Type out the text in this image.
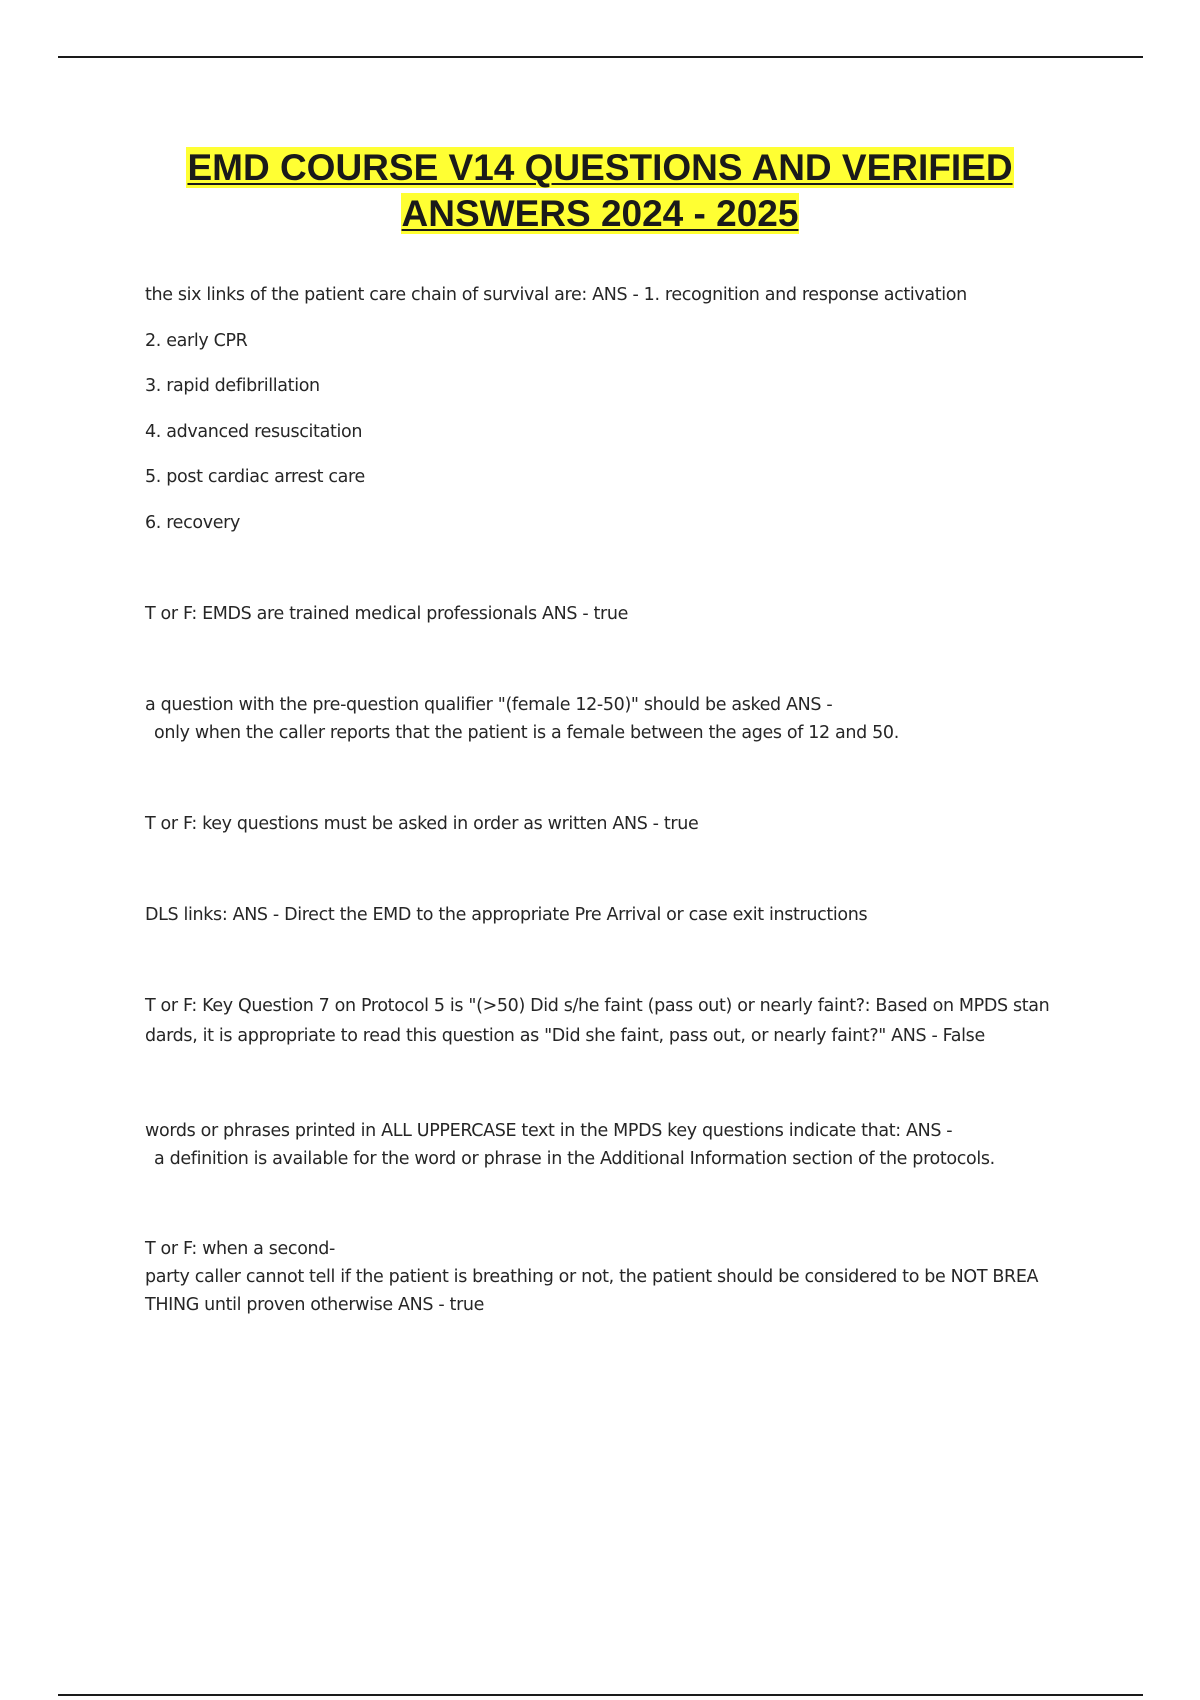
EMD COURSE V14 QUESTIONS AND VERIFIED
ANSWERS 2024 - 2025
the six links of the patient care chain of survival are: ANS - 1. recognition and response activation
2. early CPR
3. rapid defibrillation
4. advanced resuscitation
5. post cardiac arrest care
6. recovery
T or F: EMDS are trained medical professionals ANS - true
a question with the pre-question qualifier "(female 12-50)" should be asked ANS -
only when the caller reports that the patient is a female between the ages of 12 and 50.
T or F: key questions must be asked in order as written ANS - true
DLS links: ANS - Direct the EMD to the appropriate Pre Arrival or case exit instructions
T or F: Key Question 7 on Protocol 5 is "(>50) Did s/he faint (pass out) or nearly faint?: Based on MPDS stan
dards, it is appropriate to read this question as "Did she faint, pass out, or nearly faint?" ANS - False
words or phrases printed in ALL UPPERCASE text in the MPDS key questions indicate that: ANS -
a definition is available for the word or phrase in the Additional Information section of the protocols.
T or F: when a second-
party caller cannot tell if the patient is breathing or not, the patient should be considered to be NOT BREA
THING until proven otherwise ANS - true
